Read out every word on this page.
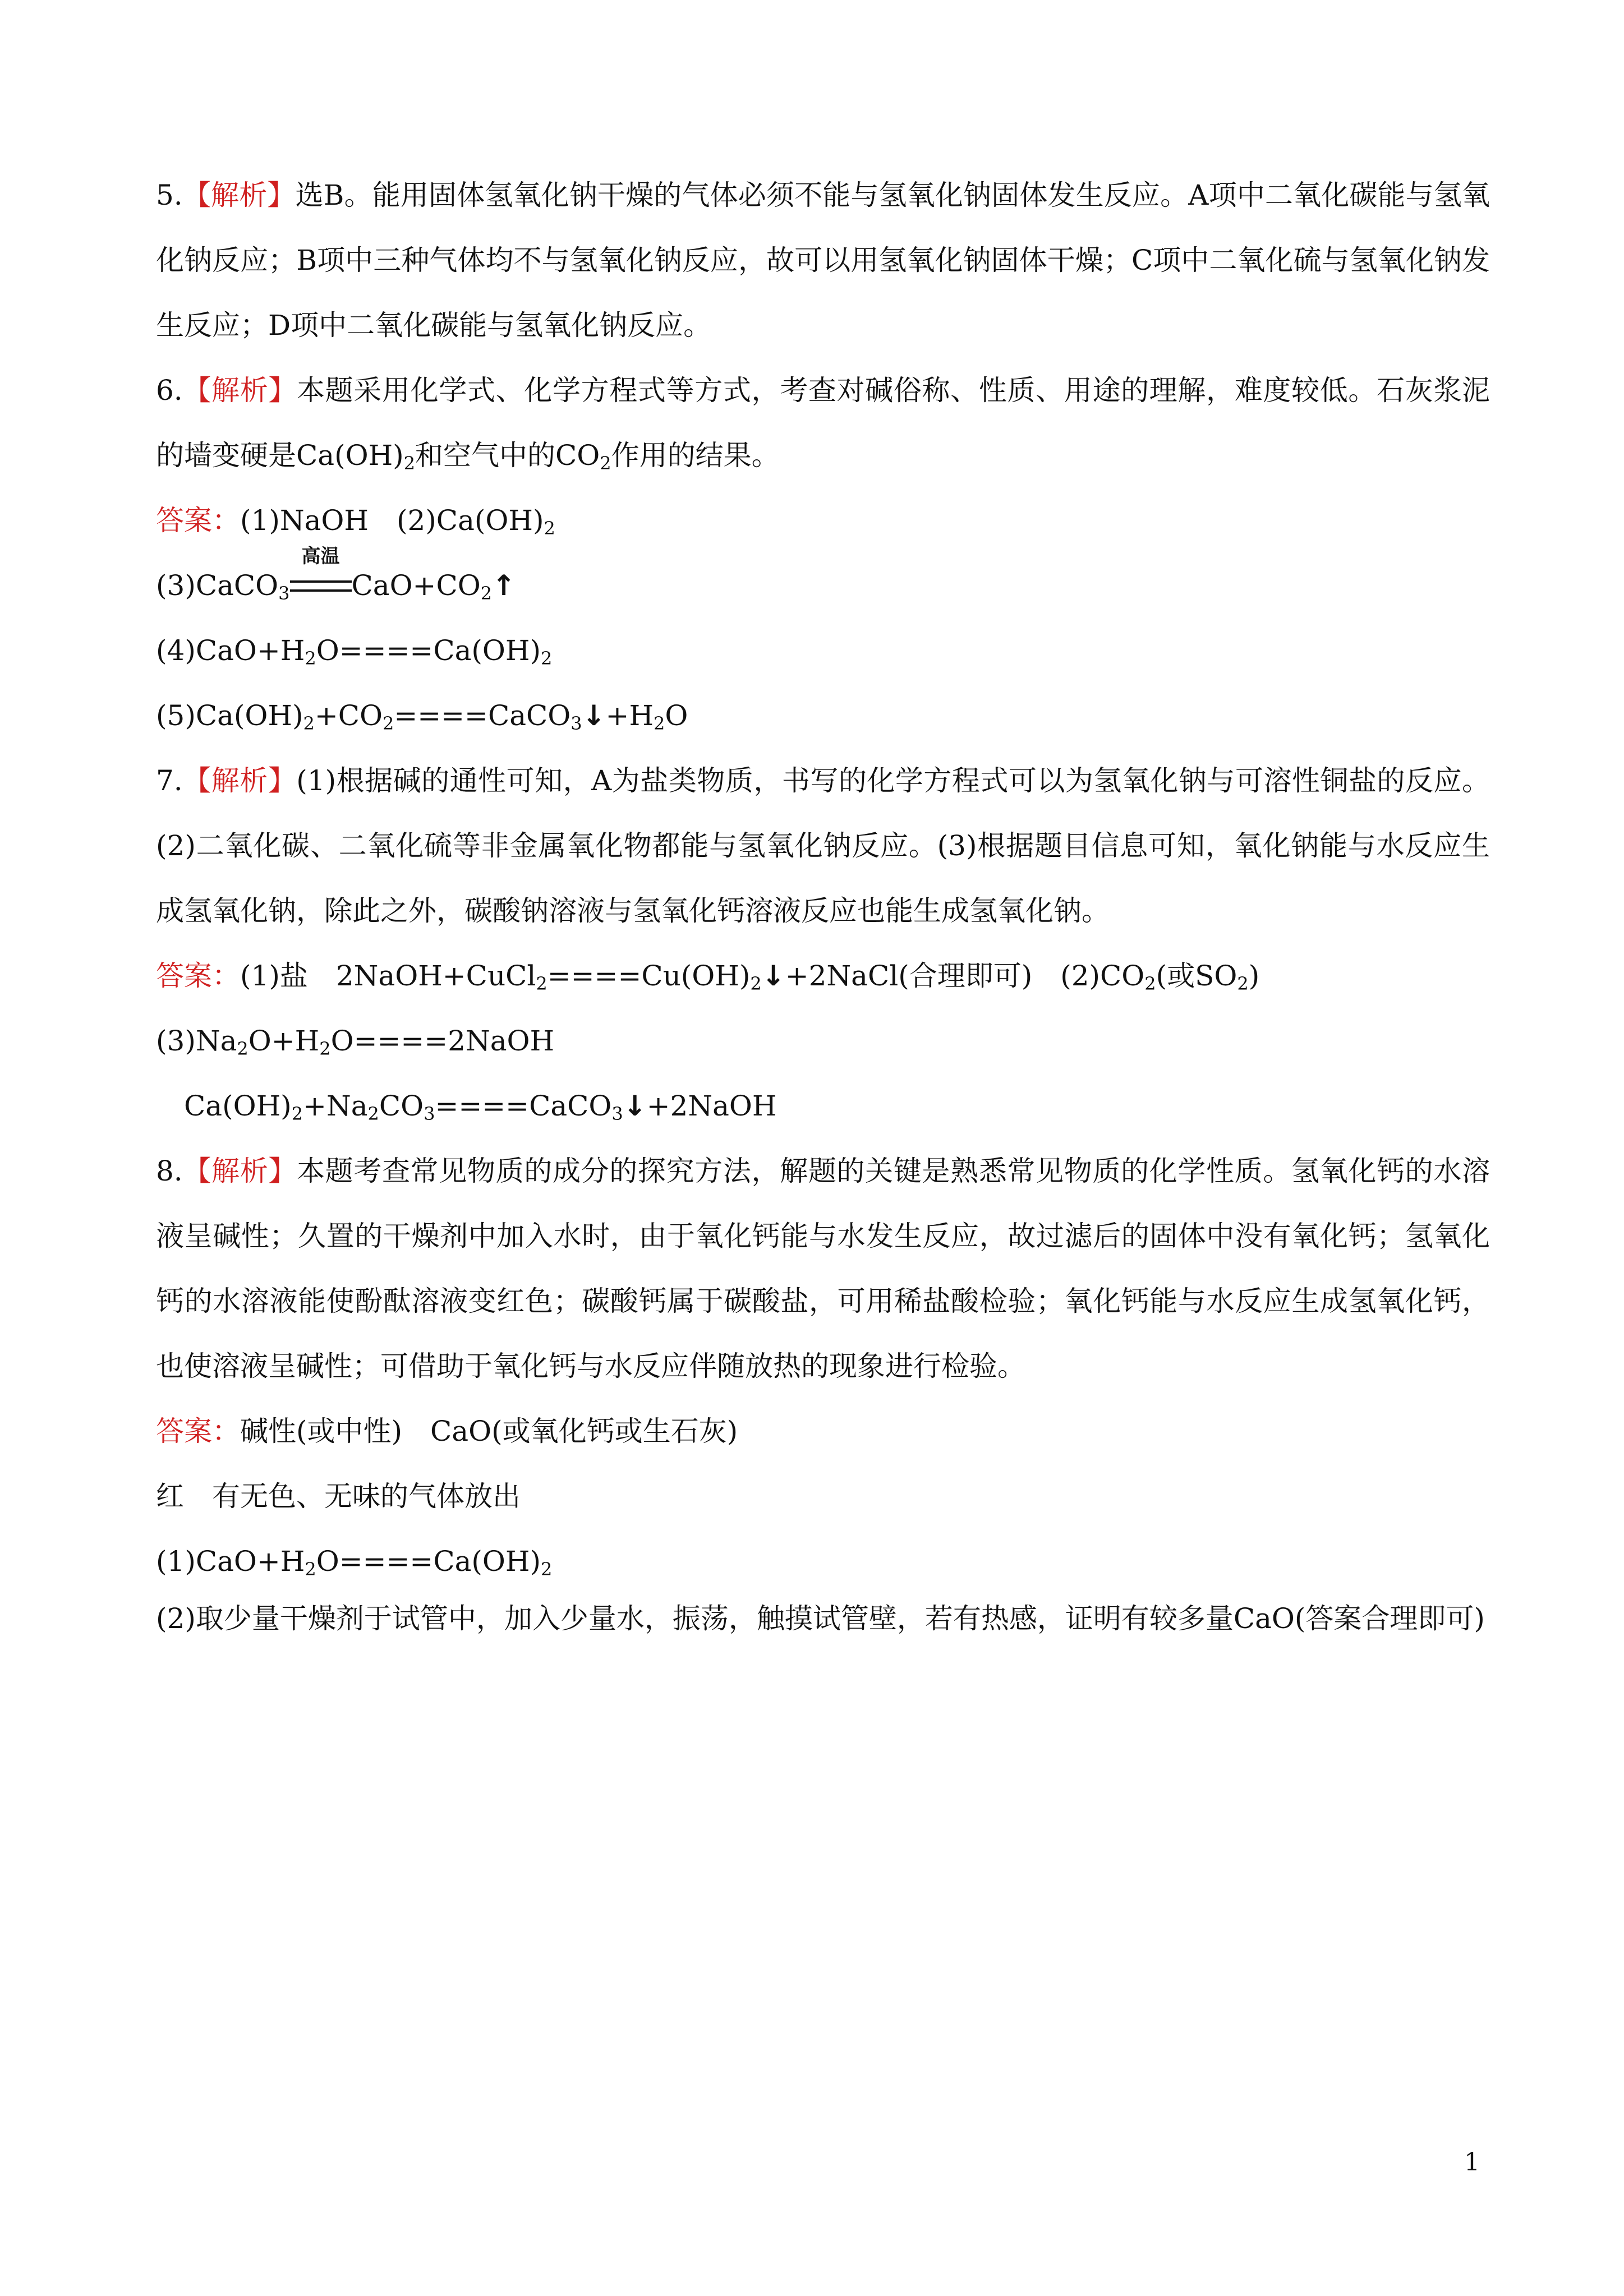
5.【解析】选B。能用固体氢氧化钠干燥的气体必须不能与氢氧化钠固体发生反应。A项中二氧化碳能与氢氧化钠反应；B项中三种气体均不与氢氧化钠反应，故可以用氢氧化钠固体干燥；C项中二氧化硫与氢氧化钠发生反应；D项中二氧化碳能与氢氧化钠反应。

6.【解析】本题采用化学式、化学方程式等方式，考查对碱俗称、性质、用途的理解，难度较低。石灰浆泥的墙变硬是$Ca(OH)_2$和空气中的$CO_2$作用的结果。

答案：(1)NaOH　 $(2)Ca(OH)_2$

(3)CaCO$_3$
高温
$CaO+CO_2↑$

$(4)CaO+H_2O====Ca(OH)_2$

$(5)Ca(OH)_2+CO_2====CaCO_3↓+H_2O$

7.【解析】(1)根据碱的通性可知，A为盐类物质，书写的化学方程式可以为氢氧化钠与可溶性铜盐的反应。(2)二氧化碳、二氧化硫等非金属氧化物都能与氢氧化钠反应。(3)根据题目信息可知，氧化钠能与水反应生成氢氧化钠，除此之外，碳酸钠溶液与氢氧化钙溶液反应也能生成氢氧化钠。

答案：(1)盐　$2NaOH+CuCl_2====Cu(OH)_2↓+2NaCl$(合理即可)　$(2)CO_2$(或$SO_2$)

$(3)Na_2O+H_2O====2NaOH$

$Ca(OH)_2+Na_2CO_3====CaCO_3↓+2NaOH$

8.【解析】本题考查常见物质的成分的探究方法，解题的关键是熟悉常见物质的化学性质。氢氧化钙的水溶液呈碱性；久置的干燥剂中加入水时，由于氧化钙能与水发生反应，故过滤后的固体中没有氧化钙；氢氧化钙的水溶液能使酚酞溶液变红色；碳酸钙属于碳酸盐，可用稀盐酸检验；氧化钙能与水反应生成氢氧化钙，也使溶液呈碱性；可借助于氧化钙与水反应伴随放热的现象进行检验。

答案：碱性(或中性)　CaO(或氧化钙或生石灰)

红　有无色、无味的气体放出

$(1)CaO+H_2O====Ca(OH)_2$

(2)取少量干燥剂于试管中，加入少量水，振荡，触摸试管壁，若有热感，证明有较多量CaO(答案合理即可)

1
